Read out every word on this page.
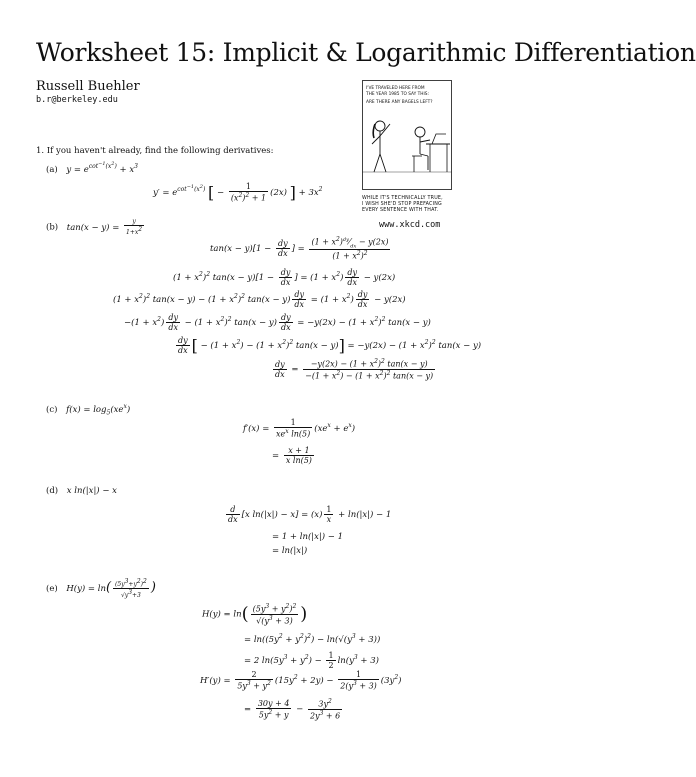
Worksheet 15: Implicit & Logarithmic Differentiation
Russell Buehler
b.r@berkeley.edu
I'VE TRAVELED HERE FROM
THE YEAR 1985 TO SAY THIS:
ARE THERE ANY BAGELS LEFT?
WHILE IT'S TECHNICALLY TRUE,
I WISH SHE'D STOP PREFACING
EVERY SENTENCE WITH THAT.
www.xkcd.com
1. If you haven't already, find the following derivatives:
(a) $y = e^{cot^{-1}(x^2)} + x^3$
$y' = e^{cot^{-1}(x^2)}$ [ − $\frac{1}{(x^2)^2 + 1} (2x)$ ] + $3x^2$
(b) $\tan(x - y) = \frac{y}{1+x^2}$
$\tan(x - y)[1 - \frac{dy}{dx}$ ] = $\frac{(1 + x^2)^{dy}⁄_{dx} - y(2x)}{(1 + x^2)^2}$
$(1 + x^2)^2$ $\tan(x - y)[1 - \frac{dy}{dx}$ ] = $(1 + x^2) \frac{dy}{dx} - y(2x)$
$(1 + x^2)^2$ $\tan(x - y) - (1 + x^2)^2$ $\tan(x - y) \frac{dy}{dx} = (1 + x^2) \frac{dy}{dx} - y(2x)$
$-(1 + x^2) \frac{dy}{dx} - (1 + x^2)^2$ $\tan(x - y) \frac{dy}{dx} = -y(2x) - (1 + x^2)^2$ tan(x − y)
$\frac{dy}{dx}$ [ − $(1 + x^2) - (1 + x^2)^2$ $\tan(x - y)] = -y(2x) - (1 + x^2)^2$ tan(x − y)
$\frac{dy}{dx} = \frac{-y(2x) - (1 + x^2)^2 \tan(x - y)}{-(1 + x^2) - (1 + x^2)^2 \tan(x - y)}$
(c) $f(x) = \log_5(xe^x)$
$f'(x) = \frac{1}{xe^x \ln(5)} (xe^x + e^x)$
= $\frac{x + 1}{\text{x ln(5)}}$
(d) x ln(|x|) − x
$\frac{d}{dx} [x$ $\ln(|x|) - x] = (x) \frac{1}{x} + \ln(|x|) - 1$
= 1 + ln(|x|) − 1
= ln(|x|)
(e) $H(y) = \ln( \frac{(5y^3+y^2)^2}{√y^3+3}$ )
$H(y) = \ln( \frac{(5y^3 + y^2)^2}{√(y^3 + 3)}$ )
= $\ln((5y^2 + y^2)^2) - \ln(√(y^3 + 3))$
= 2 $\ln(5y^3 + y^2) - \frac{1}{2} \ln(y^3 + 3)$
$H'(y) = \frac{2}{5y^3 + y^2} (15y^2 + 2y) - \frac{1}{2(y^3 + 3)} (3y^2)$
= $\frac{30y + 4}{5y^2 + y} - \frac{3y^2}{2y^3 + 6}$
